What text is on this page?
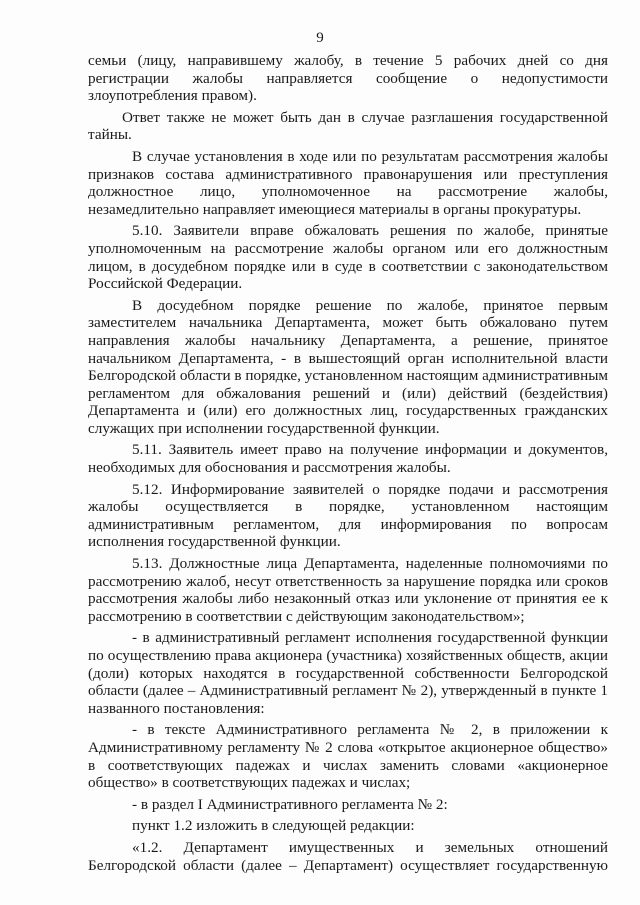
9

семьи (лицу, направившему жалобу, в течение 5 рабочих дней со дня регистрации жалобы направляется сообщение о недопустимости злоупотребления правом).

Ответ также не может быть дан в случае разглашения государственной тайны.

В случае установления в ходе или по результатам рассмотрения жалобы признаков состава административного правонарушения или преступления должностное лицо, уполномоченное на рассмотрение жалобы, незамедлительно направляет имеющиеся материалы в органы прокуратуры.

5.10. Заявители вправе обжаловать решения по жалобе, принятые уполномоченным на рассмотрение жалобы органом или его должностным лицом, в досудебном порядке или в суде в соответствии с законодательством Российской Федерации.

В досудебном порядке решение по жалобе, принятое первым заместителем начальника Департамента, может быть обжаловано путем направления жалобы начальнику Департамента, а решение, принятое начальником Департамента, - в вышестоящий орган исполнительной власти Белгородской области в порядке, установленном настоящим административным регламентом для обжалования решений и (или) действий (бездействия) Департамента и (или) его должностных лиц, государственных гражданских служащих при исполнении государственной функции.

5.11. Заявитель имеет право на получение информации и документов, необходимых для обоснования и рассмотрения жалобы.

5.12. Информирование заявителей о порядке подачи и рассмотрения жалобы осуществляется в порядке, установленном настоящим административным регламентом, для информирования по вопросам исполнения государственной функции.

5.13. Должностные лица Департамента, наделенные полномочиями по рассмотрению жалоб, несут ответственность за нарушение порядка или сроков рассмотрения жалобы либо незаконный отказ или уклонение от принятия ее к рассмотрению в соответствии с действующим законодательством»;

- в административный регламент исполнения государственной функции по осуществлению права акционера (участника) хозяйственных обществ, акции (доли) которых находятся в государственной собственности Белгородской области (далее – Административный регламент № 2), утвержденный в пункте 1 названного постановления:

- в тексте Административного регламента № 2, в приложении к Административному регламенту № 2 слова «открытое акционерное общество» в соответствующих падежах и числах заменить словами «акционерное общество» в соответствующих падежах и числах;

- в раздел I Административного регламента № 2:

пункт 1.2 изложить в следующей редакции:

«1.2. Департамент имущественных и земельных отношений Белгородской области (далее – Департамент) осуществляет государственную
